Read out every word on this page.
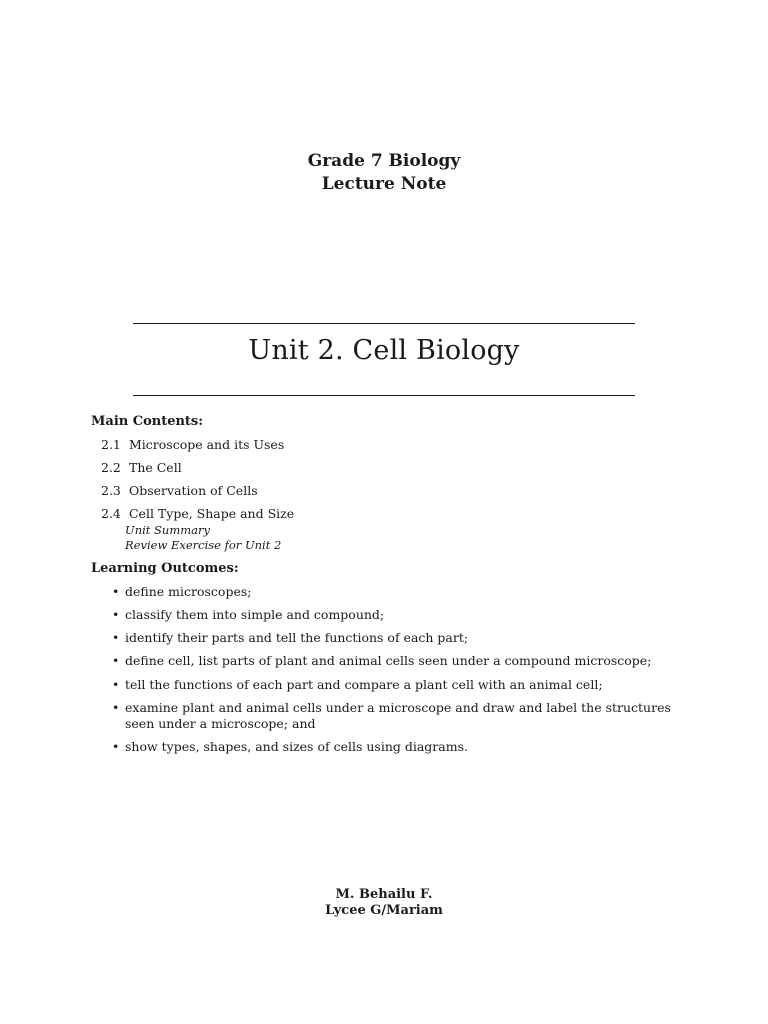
Grade 7 Biology
Lecture Note
Unit 2. Cell Biology
Main Contents:
2.1 Microscope and its Uses
2.2 The Cell
2.3 Observation of Cells
2.4 Cell Type, Shape and Size
Unit Summary
Review Exercise for Unit 2
Learning Outcomes:
• define microscopes;
• classify them into simple and compound;
• identify their parts and tell the functions of each part;
• define cell, list parts of plant and animal cells seen under a compound microscope;
• tell the functions of each part and compare a plant cell with an animal cell;
• examine plant and animal cells under a microscope and draw and label the structures seen under a microscope; and
• show types, shapes, and sizes of cells using diagrams.
M. Behailu F.
Lycee G/Mariam
